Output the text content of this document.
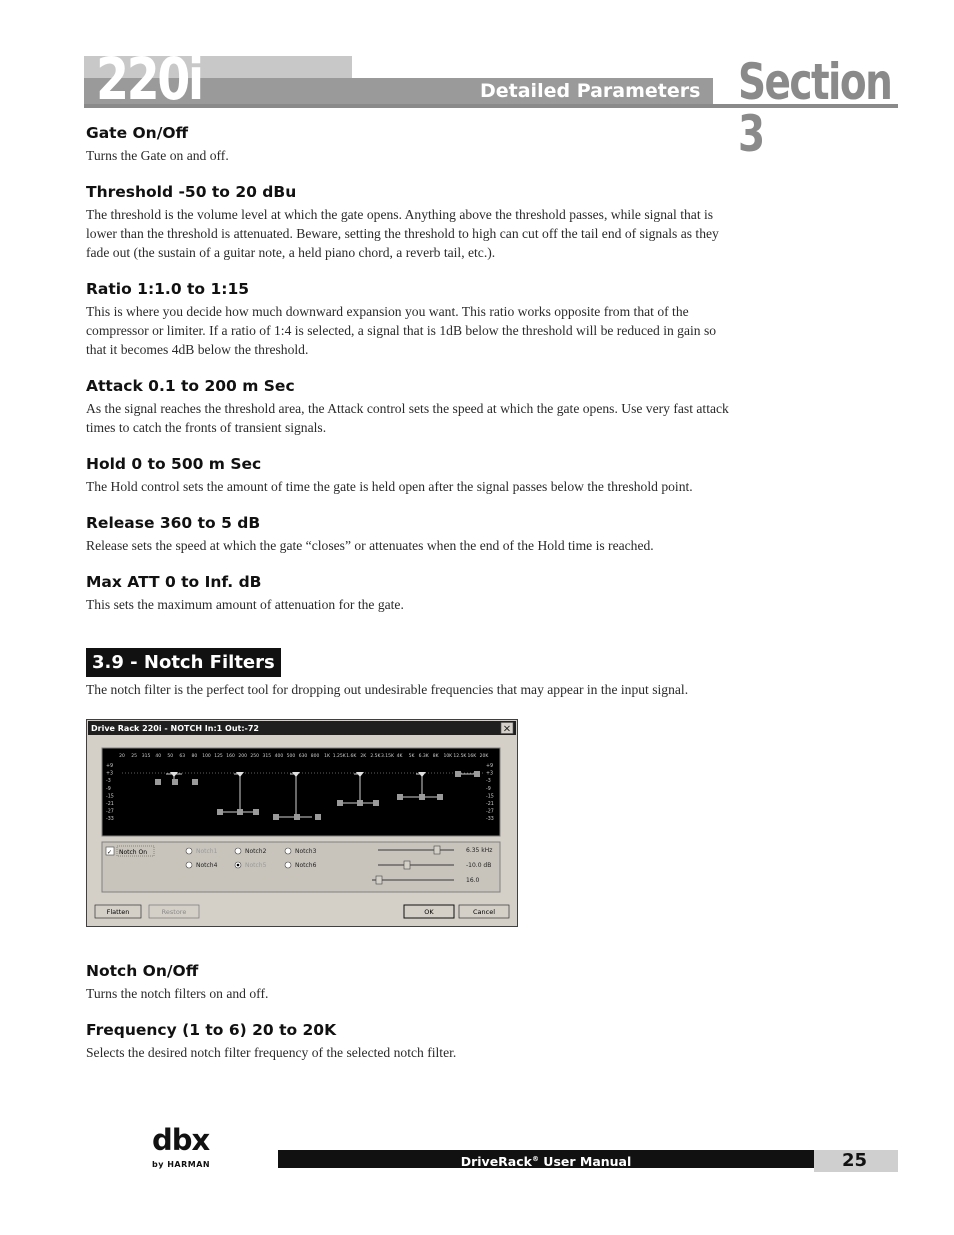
220i	Detailed Parameters Section 3
Gate On/Off

Turns the Gate on and off.

Threshold -50 to 20 dBu

The threshold is the volume level at which the gate opens. Anything above the threshold passes, while signal that is lower than the threshold is attenuated. Beware, setting the threshold to high can cut off the tail end of signals as they fade out (the sustain of a guitar note, a held piano chord, a reverb tail, etc.).

Ratio 1:1.0 to 1:15

This is where you decide how much downward expansion you want. This ratio works opposite from that of the compressor or limiter. If a ratio of 1:4 is selected, a signal that is 1dB below the threshold will be reduced in gain so that it becomes 4dB below the threshold.

Attack 0.1 to 200 m Sec

As the signal reaches the threshold area, the Attack control sets the speed at which the gate opens. Use very fast attack times to catch the fronts of transient signals.

Hold 0 to 500 m Sec

The Hold control sets the amount of time the gate is held open after the signal passes below the threshold point.

Release 360 to 5 dB

Release sets the speed at which the gate “closes” or attenuates when the end of the Hold time is reached.

Max ATT 0 to Inf. dB

This sets the maximum amount of attenuation for the gate.

3.9 - Notch Filters

The notch filter is the perfect tool for dropping out undesirable frequencies that may appear in the input signal.

Drive Rack 220i - NOTCH In:1 Out:-72	×
20 25 315 40 50 63 80 100 125 160 200 250 315 400 500 630 800 1K 1.25K 1.6K 2K 2.5K 3.15K 4K 5K 6.3K 8K 10K 12.5K 16K 20K
+9
+3
-3
-9
-15
-21
-27
-33
+9
+3
-3
-9
-15
-21
-27
-33
✓ Notch On	Notch1	Notch2	Notch3
Notch4	Notch5	Notch6
6.35 kHz
-10.0 dB
16.0
Flatten	Restore	OK	Cancel
Notch On/Off

Turns the notch filters on and off.

Frequency (1 to 6) 20 to 20K

Selects the desired notch filter frequency of the selected notch filter.

dbx
by HARMAN	DriveRack® User Manual	25
